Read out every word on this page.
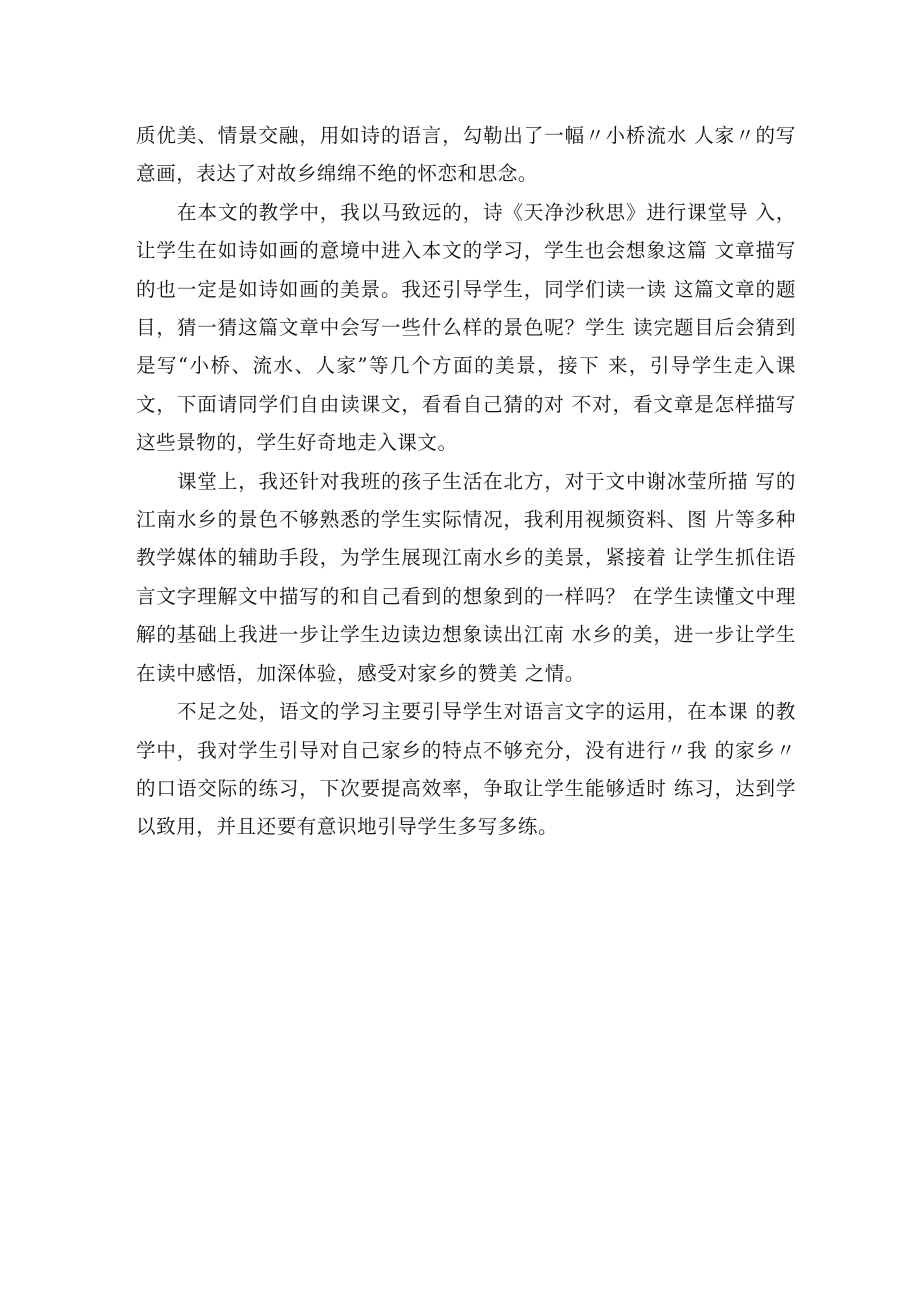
质优美、情景交融，用如诗的语言，勾勒出了一幅〃小桥流水 人家〃的写意画，表达了对故乡绵绵不绝的怀恋和思念。

在本文的教学中，我以马致远的，诗《天净沙秋思》进行课堂导 入，让学生在如诗如画的意境中进入本文的学习，学生也会想象这篇 文章描写的也一定是如诗如画的美景。我还引导学生，同学们读一读 这篇文章的题目，猜一猜这篇文章中会写一些什么样的景色呢？学生 读完题目后会猜到是写“小桥、流水、人家”等几个方面的美景，接下 来，引导学生走入课文，下面请同学们自由读课文，看看自己猜的对 不对，看文章是怎样描写这些景物的，学生好奇地走入课文。

课堂上，我还针对我班的孩子生活在北方，对于文中谢冰莹所描 写的江南水乡的景色不够熟悉的学生实际情况，我利用视频资料、图 片等多种教学媒体的辅助手段，为学生展现江南水乡的美景，紧接着 让学生抓住语言文字理解文中描写的和自己看到的想象到的一样吗？ 在学生读懂文中理解的基础上我进一步让学生边读边想象读出江南 水乡的美，进一步让学生在读中感悟，加深体验，感受对家乡的赞美 之情。

不足之处，语文的学习主要引导学生对语言文字的运用，在本课 的教学中，我对学生引导对自己家乡的特点不够充分，没有进行〃我 的家乡〃的口语交际的练习，下次要提高效率，争取让学生能够适时 练习，达到学以致用，并且还要有意识地引导学生多写多练。
